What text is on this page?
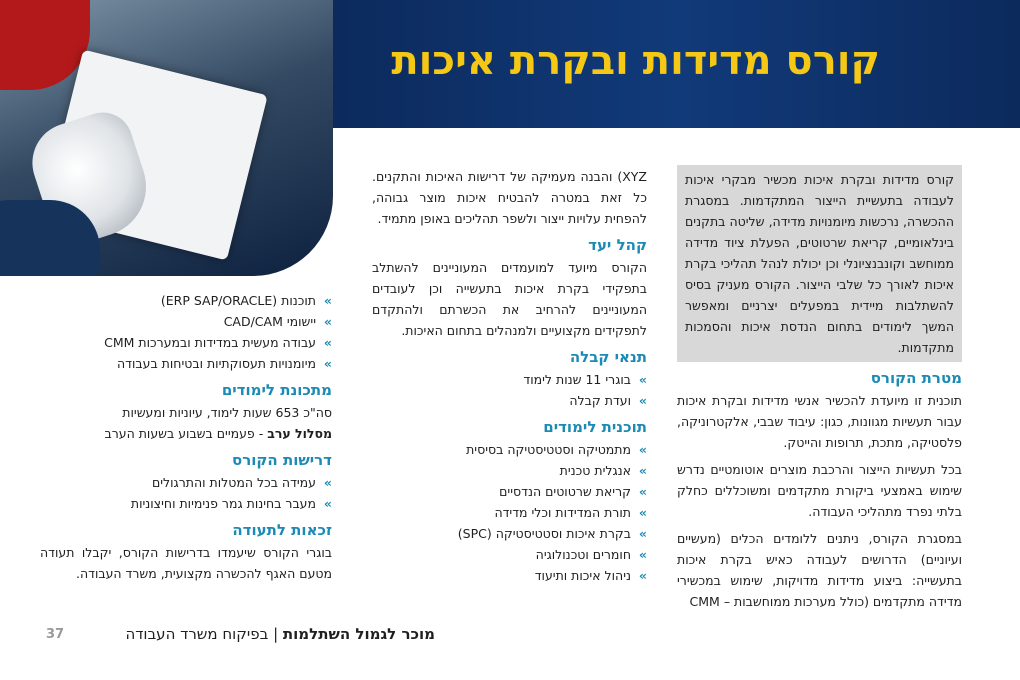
קורס מדידות ובקרת איכות
קורס מדידות ובקרת איכות מכשיר מבקרי איכות לעבודה בתעשיית הייצור המתקדמות. במסגרת ההכשרה, נרכשות מיומנויות מדידה, שליטה בתקנים בינלאומיים, קריאת שרטוטים, הפעלת ציוד מדידה ממוחשב וקונבנציונלי וכן יכולת לנהל תהליכי בקרת איכות לאורך כל שלבי הייצור. הקורס מעניק בסיס להשתלבות מיידית במפעלים יצרניים ומאפשר המשך לימודים בתחום הנדסת איכות והסמכות מתקדמות.
מטרת הקורס

תוכנית זו מיועדת להכשיר אנשי מדידות ובקרת איכות עבור תעשיות מגוונות, כגון: עיבוד שבבי, אלקטרוניקה, פלסטיקה, מתכת, תרופות והייטק.

בכל תעשיות הייצור והרכבת מוצרים אוטומטיים נדרש שימוש באמצעי ביקורת מתקדמים ומשוכללים כחלק בלתי נפרד מתהליכי העבודה.

במסגרת הקורס, ניתנים ללומדים הכלים (מעשיים ועיוניים) הדרושים לעבודה כאיש בקרת איכות בתעשייה: ביצוע מדידות מדויקות, שימוש במכשירי מדידה מתקדמים (כולל מערכות ממוחשבות – CMM

XYZ) והבנה מעמיקה של דרישות האיכות והתקנים. כל זאת במטרה להבטיח איכות מוצר גבוהה, להפחית עלויות ייצור ולשפר תהליכים באופן מתמיד.

קהל יעד

הקורס מיועד למועמדים המעוניינים להשתלב בתפקידי בקרת איכות בתעשייה וכן לעובדים המעוניינים להרחיב את הכשרתם ולהתקדם לתפקידים מקצועיים ולמנהלים בתחום האיכות.

תנאי קבלה
»
בוגרי 11 שנות לימוד
»
ועדת קבלה
תוכנית לימודים
»
מתמטיקה וסטטיסטיקה בסיסית
»
אנגלית טכנית
»
קריאת שרטוטים הנדסיים
»
תורת המדידות וכלי מדידה
»
בקרת איכות וסטטיסטיקה (SPC)
»
חומרים וטכנולוגיה
»
ניהול איכות ותיעוד
»
תוכנות (ERP SAP/ORACLE)
»
יישומי CAD/CAM
»
עבודה מעשית במדידות ובמערכות CMM
»
מיומנויות תעסוקתיות ובטיחות בעבודה
מתכונת לימודים

סה"כ 653 שעות לימוד, עיוניות ומעשיות

מסלול ערב - פעמיים בשבוע בשעות הערב

דרישות הקורס
»
עמידה בכל המטלות והתרגולים
»
מעבר בחינות גמר פנימיות וחיצוניות
זכאות לתעודה

בוגרי הקורס שיעמדו בדרישות הקורס, יקבלו תעודה מטעם האגף להכשרה מקצועית, משרד העבודה.

מוכר לגמול השתלמות | בפיקוח משרד העבודה
37
